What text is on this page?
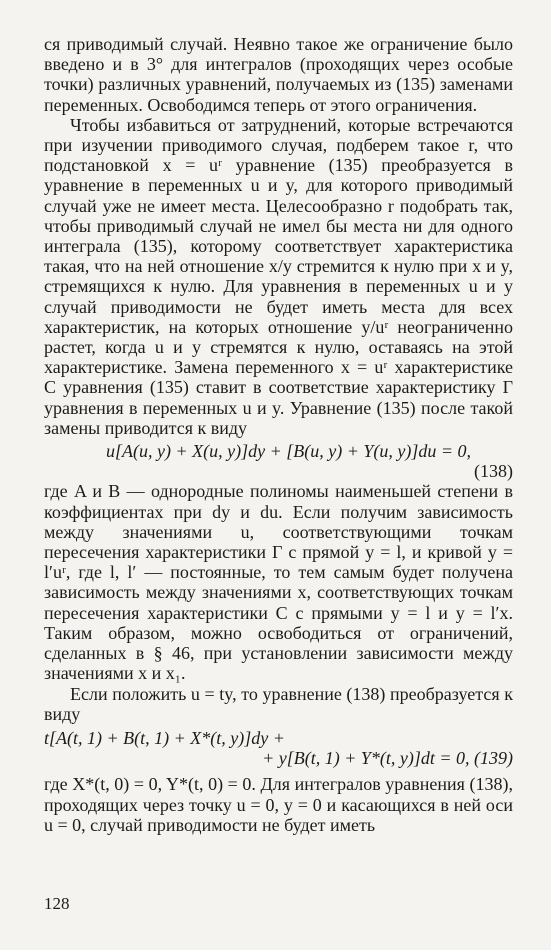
ся приводимый случай. Неявно такое же ограничение было введено и в 3° для интегралов (проходящих через особые точки) различных уравнений, получаемых из (135) заменами переменных. Освободимся теперь от этого ограничения.

Чтобы избавиться от затруднений, которые встречаются при изучении приводимого случая, подберем такое r, что подстановкой x = uʳ уравнение (135) преобразуется в уравнение в переменных u и y, для которого приводимый случай уже не имеет места. Целесообразно r подобрать так, чтобы приводимый случай не имел бы места ни для одного интеграла (135), которому соответствует характеристика такая, что на ней отношение x/y стремится к нулю при x и y, стремящихся к нулю. Для уравнения в переменных u и y случай приводимости не будет иметь места для всех характеристик, на которых отношение y/uʳ неограниченно растет, когда u и y стремятся к нулю, оставаясь на этой характеристике. Замена переменного x = uʳ характеристике C уравнения (135) ставит в соответствие характеристику Γ уравнения в переменных u и y. Уравнение (135) после такой замены приводится к виду

u[A(u, y) + X(u, y)]dy + [B(u, y) + Y(u, y)]du = 0,
(138)

где A и B — однородные полиномы наименьшей степени в коэффициентах при dy и du. Если получим зависимость между значениями u, соответствующими точкам пересечения характеристики Γ с прямой y = l, и кривой y = l′uʳ, где l, l′ — постоянные, то тем самым будет получена зависимость между значениями x, соответствующих точкам пересечения характеристики C с прямыми y = l и y = l′x. Таким образом, можно освободиться от ограничений, сделанных в § 46, при установлении зависимости между значениями x и x₁.

Если положить u = ty, то уравнение (138) преобразуется к виду

t[A(t, 1) + B(t, 1) + X*(t, y)]dy +
+ y[B(t, 1) + Y*(t, y)]dt = 0, (139)

где X*(t, 0) = 0, Y*(t, 0) = 0. Для интегралов уравнения (138), проходящих через точку u = 0, y = 0 и касающихся в ней оси u = 0, случай приводимости не будет иметь

128
